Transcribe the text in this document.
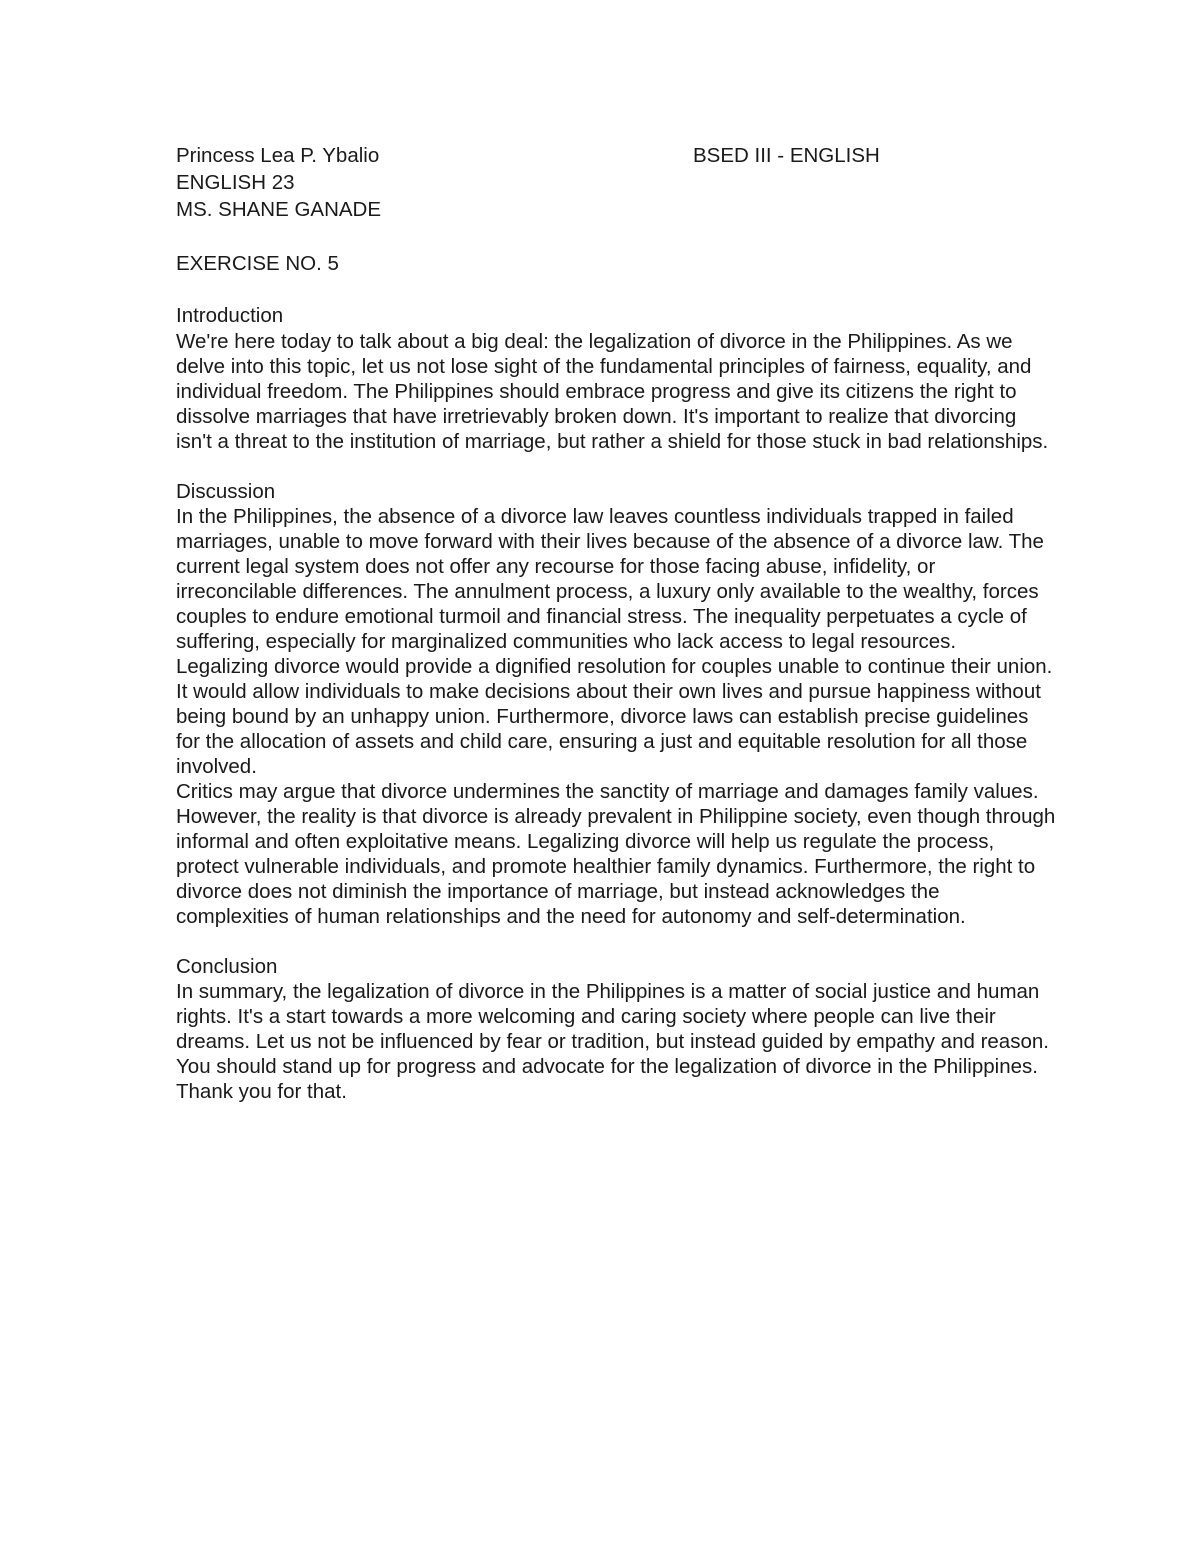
Princess Lea P. Ybalio	BSED III - ENGLISH
ENGLISH 23
MS. SHANE GANADE
EXERCISE NO. 5
Introduction

We're here today to talk about a big deal: the legalization of divorce in the Philippines. As we delve into this topic, let us not lose sight of the fundamental principles of fairness, equality, and individual freedom. The Philippines should embrace progress and give its citizens the right to dissolve marriages that have irretrievably broken down. It's important to realize that divorcing isn't a threat to the institution of marriage, but rather a shield for those stuck in bad relationships.

Discussion

In the Philippines, the absence of a divorce law leaves countless individuals trapped in failed marriages, unable to move forward with their lives because of the absence of a divorce law. The current legal system does not offer any recourse for those facing abuse, infidelity, or irreconcilable differences. The annulment process, a luxury only available to the wealthy, forces couples to endure emotional turmoil and financial stress. The inequality perpetuates a cycle of suffering, especially for marginalized communities who lack access to legal resources.

Legalizing divorce would provide a dignified resolution for couples unable to continue their union. It would allow individuals to make decisions about their own lives and pursue happiness without being bound by an unhappy union. Furthermore, divorce laws can establish precise guidelines for the allocation of assets and child care, ensuring a just and equitable resolution for all those involved.

Critics may argue that divorce undermines the sanctity of marriage and damages family values. However, the reality is that divorce is already prevalent in Philippine society, even though through informal and often exploitative means. Legalizing divorce will help us regulate the process, protect vulnerable individuals, and promote healthier family dynamics. Furthermore, the right to divorce does not diminish the importance of marriage, but instead acknowledges the complexities of human relationships and the need for autonomy and self-determination.

Conclusion

In summary, the legalization of divorce in the Philippines is a matter of social justice and human rights. It's a start towards a more welcoming and caring society where people can live their dreams. Let us not be influenced by fear or tradition, but instead guided by empathy and reason. You should stand up for progress and advocate for the legalization of divorce in the Philippines. Thank you for that.
